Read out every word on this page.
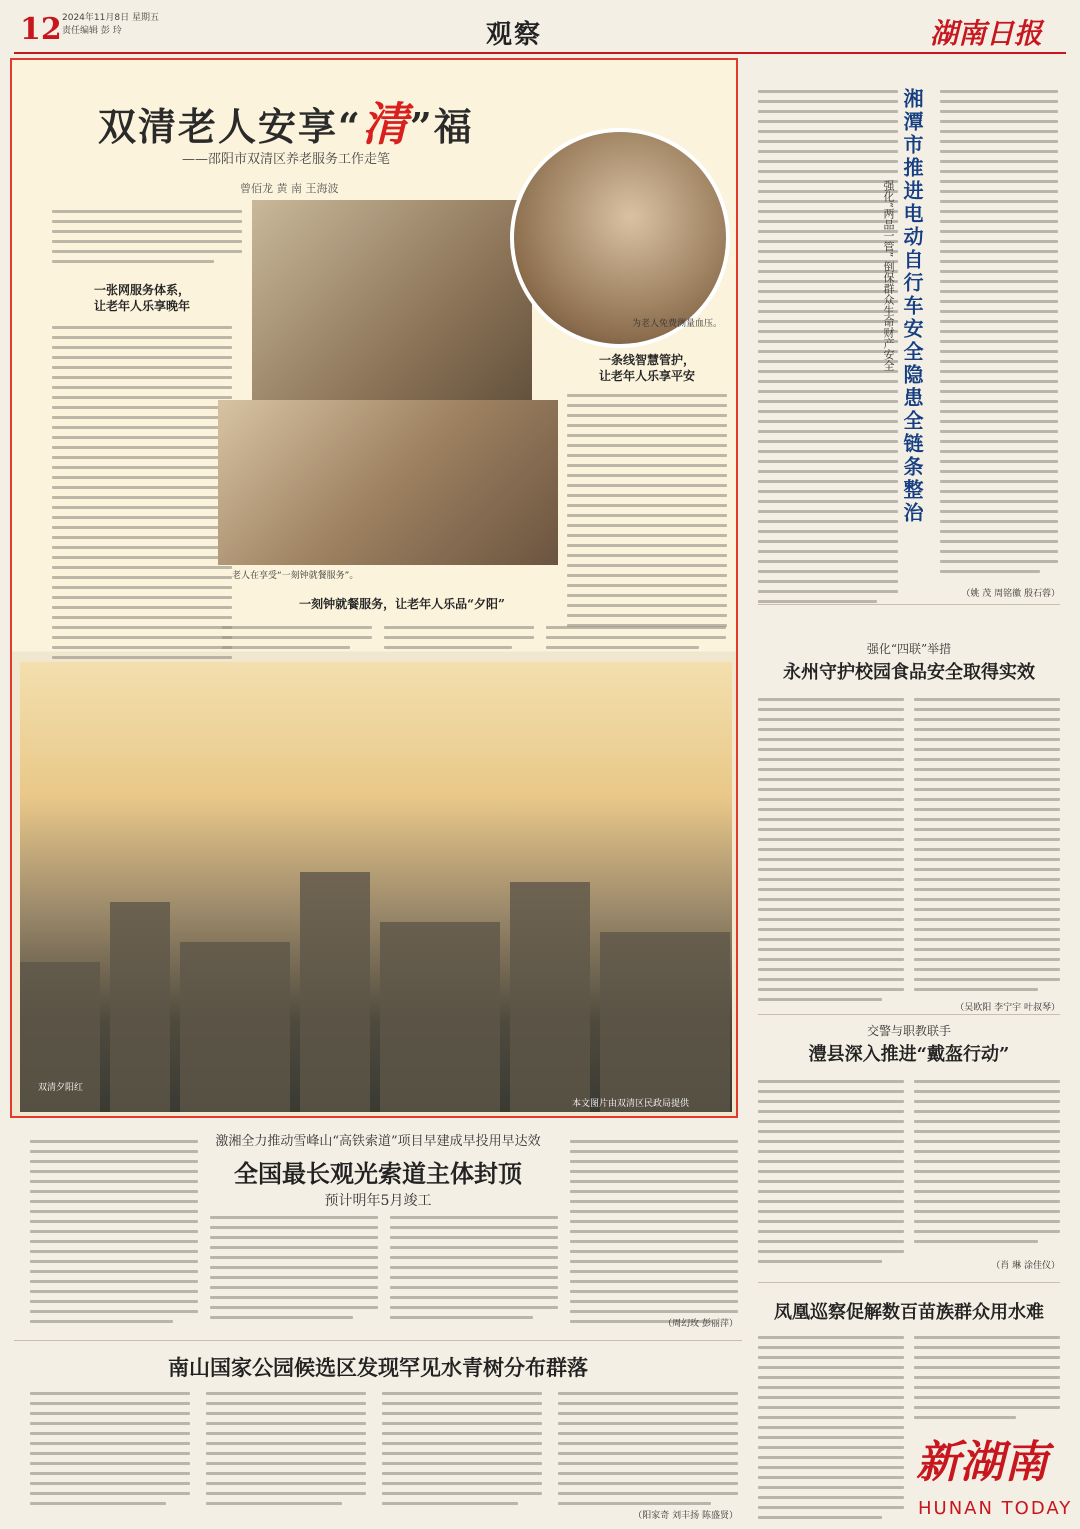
12 2024年11月8日 星期五
责任编辑 彭 玲	观察	湖南日报
双清老人安享“清”福
——邵阳市双清区养老服务工作走笔
曾佰龙 黄 南 王海波
为老人免费测量血压。
一张网服务体系，
让老年人乐享晚年
一条线智慧管护，
让老年人乐享平安
老人在享受“一刻钟就餐服务”。
一刻钟就餐服务，让老年人乐品“夕阳”
双清夕阳红
本文图片由双清区民政局提供
湘潭市推进电动自行车安全隐患全链条整治
强化“两品一管” 倒保群众生命财产安全
（姚 茂 周铭徽 殷石蓉）
强化“四联”举措
永州守护校园食品安全取得实效
（吴欧阳 李宁宇 叶叔琴）
交警与职教联手
澧县深入推进“戴盔行动”
（肖 琳 涂佳仪）
凤凰巡察促解数百苗族群众用水难
新湖南
HUNAN TODAY
激湘全力推动雪峰山“高铁索道”项目早建成早投用早达效
全国最长观光索道主体封顶
预计明年5月竣工
（周幻玫 彭丽萍）
南山国家公园候选区发现罕见水青树分布群落
（阳家奇 刘丰扬 陈盛贤）
